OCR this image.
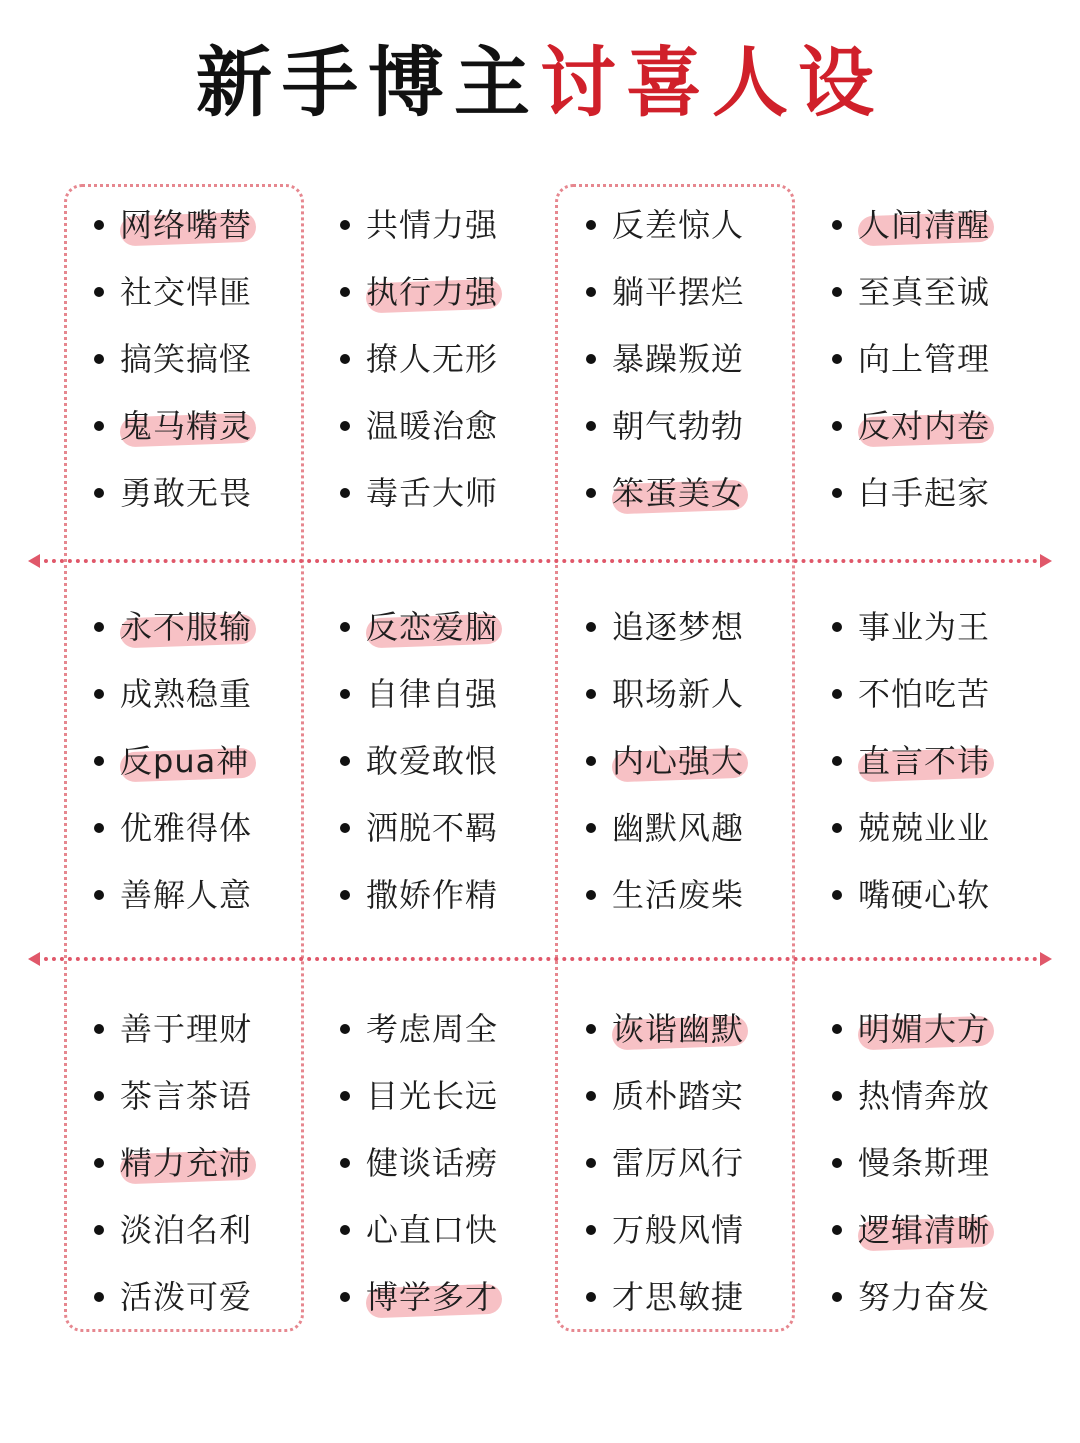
新手博主讨喜人设
网络嘴替
社交悍匪
搞笑搞怪
鬼马精灵
勇敢无畏
共情力强
执行力强
撩人无形
温暖治愈
毒舌大师
反差惊人
躺平摆烂
暴躁叛逆
朝气勃勃
笨蛋美女
人间清醒
至真至诚
向上管理
反对内卷
白手起家
永不服输
成熟稳重
反pua神
优雅得体
善解人意
反恋爱脑
自律自强
敢爱敢恨
洒脱不羁
撒娇作精
追逐梦想
职场新人
内心强大
幽默风趣
生活废柴
事业为王
不怕吃苦
直言不讳
兢兢业业
嘴硬心软
善于理财
茶言茶语
精力充沛
淡泊名利
活泼可爱
考虑周全
目光长远
健谈话痨
心直口快
博学多才
诙谐幽默
质朴踏实
雷厉风行
万般风情
才思敏捷
明媚大方
热情奔放
慢条斯理
逻辑清晰
努力奋发
